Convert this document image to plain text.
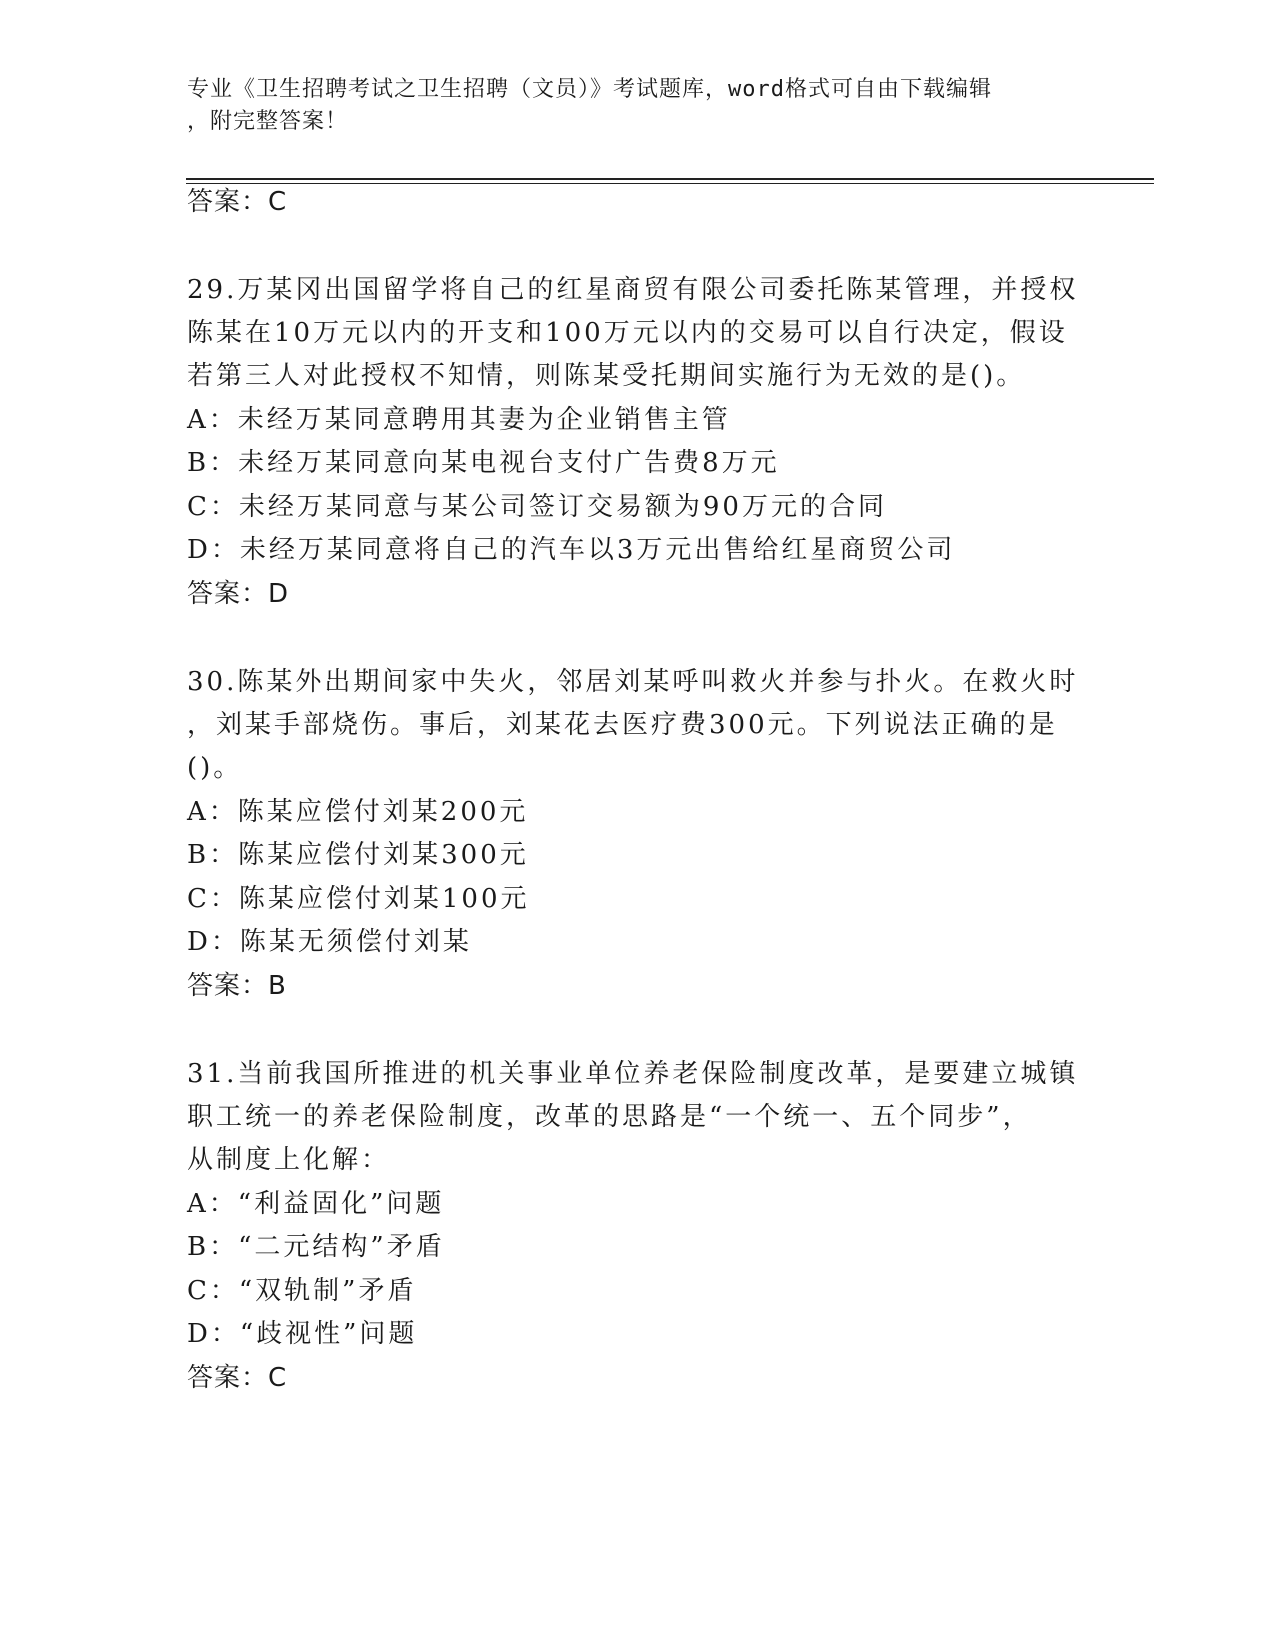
专业《卫生招聘考试之卫生招聘（文员）》考试题库，word格式可自由下载编辑
，附完整答案！
答案：C
29.万某冈出国留学将自己的红星商贸有限公司委托陈某管理，并授权
陈某在10万元以内的开支和100万元以内的交易可以自行决定，假设
若第三人对此授权不知情，则陈某受托期间实施行为无效的是()。
A：未经万某同意聘用其妻为企业销售主管
B：未经万某同意向某电视台支付广告费8万元
C：未经万某同意与某公司签订交易额为90万元的合同
D：未经万某同意将自己的汽车以3万元出售给红星商贸公司
答案：D
30.陈某外出期间家中失火，邻居刘某呼叫救火并参与扑火。在救火时
，刘某手部烧伤。事后，刘某花去医疗费300元。下列说法正确的是
()。
A：陈某应偿付刘某200元
B：陈某应偿付刘某300元
C：陈某应偿付刘某100元
D：陈某无须偿付刘某
答案：B
31.当前我国所推进的机关事业单位养老保险制度改革，是要建立城镇
职工统一的养老保险制度，改革的思路是“一个统一、五个同步”，
从制度上化解：
A：“利益固化”问题
B：“二元结构”矛盾
C：“双轨制”矛盾
D：“歧视性”问题
答案：C
